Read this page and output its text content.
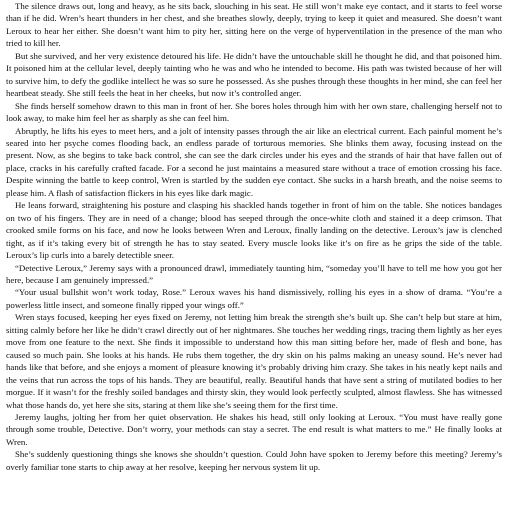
The silence draws out, long and heavy, as he sits back, slouching in his seat. He still won’t make eye contact, and it starts to feel worse than if he did. Wren’s heart thunders in her chest, and she breathes slowly, deeply, trying to keep it quiet and measured. She doesn’t want Leroux to hear her either. She doesn’t want him to pity her, sitting here on the verge of hyperventilation in the presence of the man who tried to kill her.

But she survived, and her very existence detoured his life. He didn’t have the untouchable skill he thought he did, and that poisoned him. It poisoned him at the cellular level, deeply tainting who he was and who he intended to become. His path was twisted because of her will to survive him, to defy the godlike intellect he was so sure he possessed. As she pushes through these thoughts in her mind, she can feel her heartbeat steady. She still feels the heat in her cheeks, but now it’s controlled anger.

She finds herself somehow drawn to this man in front of her. She bores holes through him with her own stare, challenging herself not to look away, to make him feel her as sharply as she can feel him.

Abruptly, he lifts his eyes to meet hers, and a jolt of intensity passes through the air like an electrical current. Each painful moment he’s seared into her psyche comes flooding back, an endless parade of torturous memories. She blinks them away, focusing instead on the present. Now, as she begins to take back control, she can see the dark circles under his eyes and the strands of hair that have fallen out of place, cracks in his carefully crafted facade. For a second he just maintains a measured stare without a trace of emotion crossing his face. Despite winning the battle to keep control, Wren is startled by the sudden eye contact. She sucks in a harsh breath, and the noise seems to please him. A flash of satisfaction flickers in his eyes like dark magic.

He leans forward, straightening his posture and clasping his shackled hands together in front of him on the table. She notices bandages on two of his fingers. They are in need of a change; blood has seeped through the once-white cloth and stained it a deep crimson. That crooked smile forms on his face, and now he looks between Wren and Leroux, finally landing on the detective. Leroux’s jaw is clenched tight, as if it’s taking every bit of strength he has to stay seated. Every muscle looks like it’s on fire as he grips the side of the table. Leroux’s lip curls into a barely detectible sneer.

“Detective Leroux,” Jeremy says with a pronounced drawl, immediately taunting him, “someday you’ll have to tell me how you got her here, because I am genuinely impressed.”

“Your usual bullshit won’t work today, Rose.” Leroux waves his hand dismissively, rolling his eyes in a show of drama. “You’re a powerless little insect, and someone finally ripped your wings off.”

Wren stays focused, keeping her eyes fixed on Jeremy, not letting him break the strength she’s built up. She can’t help but stare at him, sitting calmly before her like he didn’t crawl directly out of her nightmares. She touches her wedding rings, tracing them lightly as her eyes move from one feature to the next. She finds it impossible to understand how this man sitting before her, made of flesh and bone, has caused so much pain. She looks at his hands. He rubs them together, the dry skin on his palms making an uneasy sound. He’s never had hands like that before, and she enjoys a moment of pleasure knowing it’s probably driving him crazy. She takes in his neatly kept nails and the veins that run across the tops of his hands. They are beautiful, really. Beautiful hands that have sent a string of mutilated bodies to her morgue. If it wasn’t for the freshly soiled bandages and thirsty skin, they would look perfectly sculpted, almost flawless. She has witnessed what those hands do, yet here she sits, staring at them like she’s seeing them for the first time.

Jeremy laughs, jolting her from her quiet observation. He shakes his head, still only looking at Leroux. “You must have really gone through some trouble, Detective. Don’t worry, your methods can stay a secret. The end result is what matters to me.” He finally looks at Wren.

She’s suddenly questioning things she knows she shouldn’t question. Could John have spoken to Jeremy before this meeting? Jeremy’s overly familiar tone starts to chip away at her resolve, keeping her nervous system lit up.
